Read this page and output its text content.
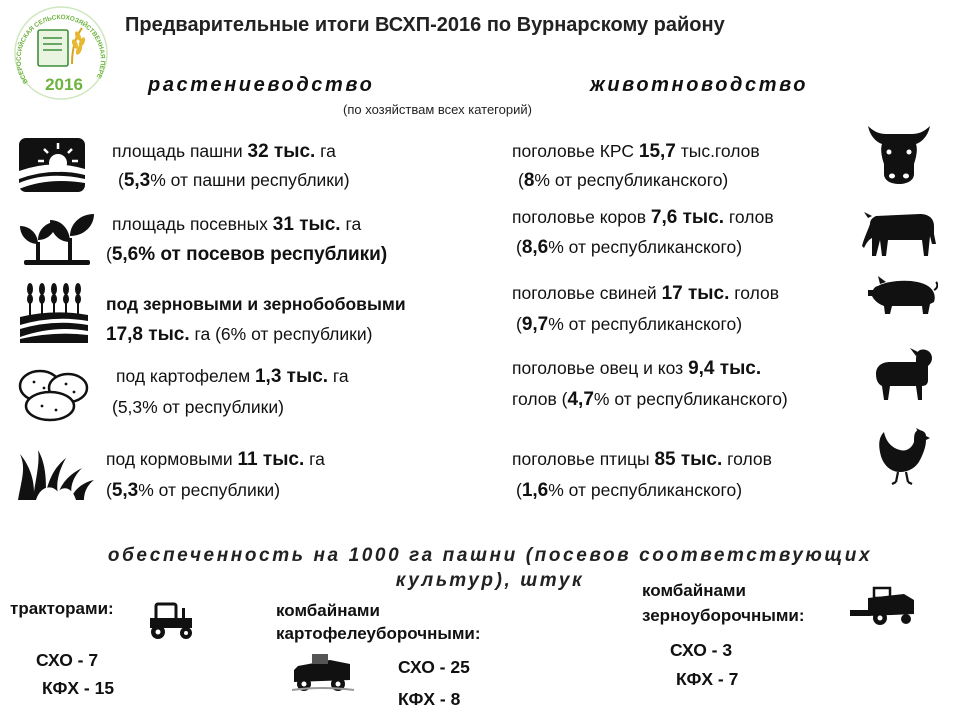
ВСЕРОССИЙСКАЯ СЕЛЬСКОХОЗЯЙСТВЕННАЯ ПЕРЕ
2016
Предварительные итоги ВСХП-2016 по Вурнарскому району
растениеводство	животноводство
(по хозяйствам всех категорий)
площадь пашни 32 тыс. га
(5,3% от пашни республики)
площадь посевных 31 тыс. га
(5,6% от посевов республики)
под зерновыми и зернобобовыми
17,8 тыс. га (6% от республики)
под картофелем 1,3 тыс. га
(5,3% от республики)
под кормовыми 11 тыс. га
(5,3% от республики)
поголовье КРС 15,7 тыс.голов
(8% от республиканского)
поголовье коров 7,6 тыс. голов
(8,6% от республиканского)
поголовье свиней 17 тыс. голов
(9,7% от республиканского)
поголовье овец и коз 9,4 тыс.
голов (4,7% от республиканского)
поголовье птицы 85 тыс. голов
(1,6% от республиканского)
обеспеченность на 1000 га пашни (посевов соответствующих культур), штук
тракторами:
СХО - 7
КФХ - 15
комбайнами
картофелеуборочными:
СХО - 25
КФХ - 8
комбайнами
зерноуборочными:
СХО - 3
КФХ - 7
